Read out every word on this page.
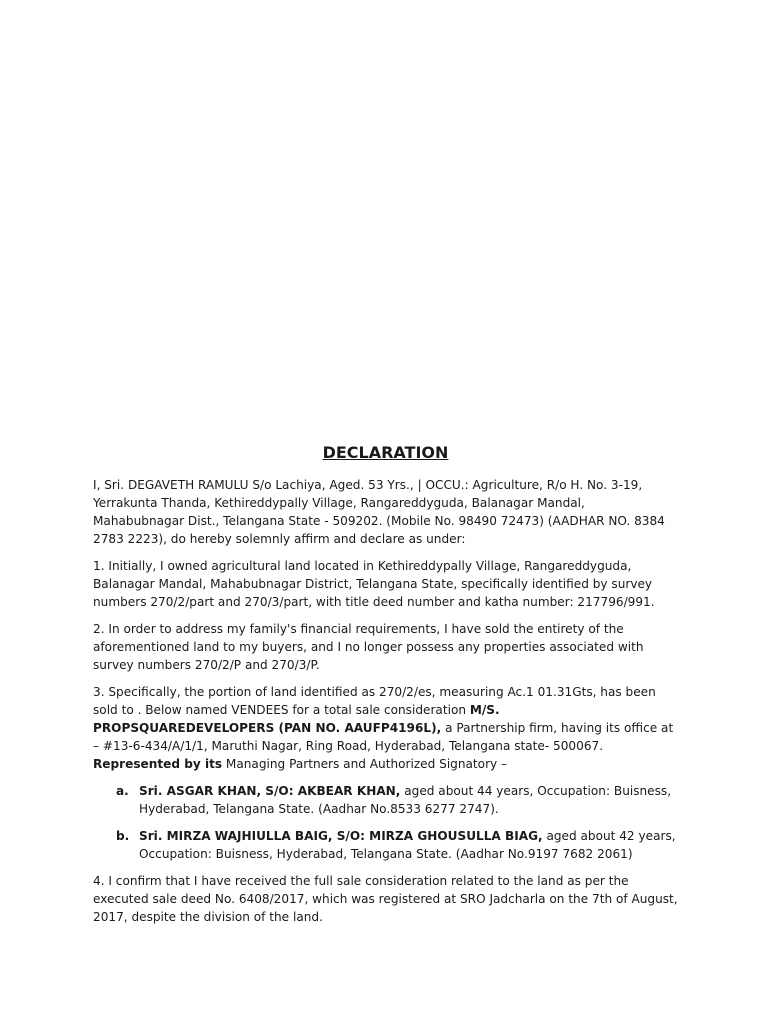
DECLARATION

I, Sri. DEGAVETH RAMULU S/o Lachiya, Aged. 53 Yrs., | OCCU.: Agriculture, R/o H. No. 3-19, Yerrakunta Thanda, Kethireddypally Village, Rangareddyguda, Balanagar Mandal, Mahabubnagar Dist., Telangana State - 509202. (Mobile No. 98490 72473) (AADHAR NO. 8384 2783 2223), do hereby solemnly affirm and declare as under:

1. Initially, I owned agricultural land located in Kethireddypally Village, Rangareddyguda, Balanagar Mandal, Mahabubnagar District, Telangana State, specifically identified by survey numbers 270/2/part and 270/3/part, with title deed number and katha number: 217796/991.

2. In order to address my family's financial requirements, I have sold the entirety of the aforementioned land to my buyers, and I no longer possess any properties associated with survey numbers 270/2/P and 270/3/P.

3. Specifically, the portion of land identified as 270/2/es, measuring Ac.1 01.31Gts, has been sold to . Below named VENDEES for a total sale consideration M/S. PROPSQUAREDEVELOPERS (PAN NO. AAUFP4196L), a Partnership firm, having its office at – #13-6-434/A/1/1, Maruthi Nagar, Ring Road, Hyderabad, Telangana state- 500067. Represented by its Managing Partners and Authorized Signatory –

a. Sri. ASGAR KHAN, S/O: AKBEAR KHAN, aged about 44 years, Occupation: Buisness, Hyderabad, Telangana State. (Aadhar No.8533 6277 2747).
b. Sri. MIRZA WAJHIULLA BAIG, S/O: MIRZA GHOUSULLA BIAG, aged about 42 years, Occupation: Buisness, Hyderabad, Telangana State. (Aadhar No.9197 7682 2061)

4. I confirm that I have received the full sale consideration related to the land as per the executed sale deed No. 6408/2017, which was registered at SRO Jadcharla on the 7th of August, 2017, despite the division of the land.
